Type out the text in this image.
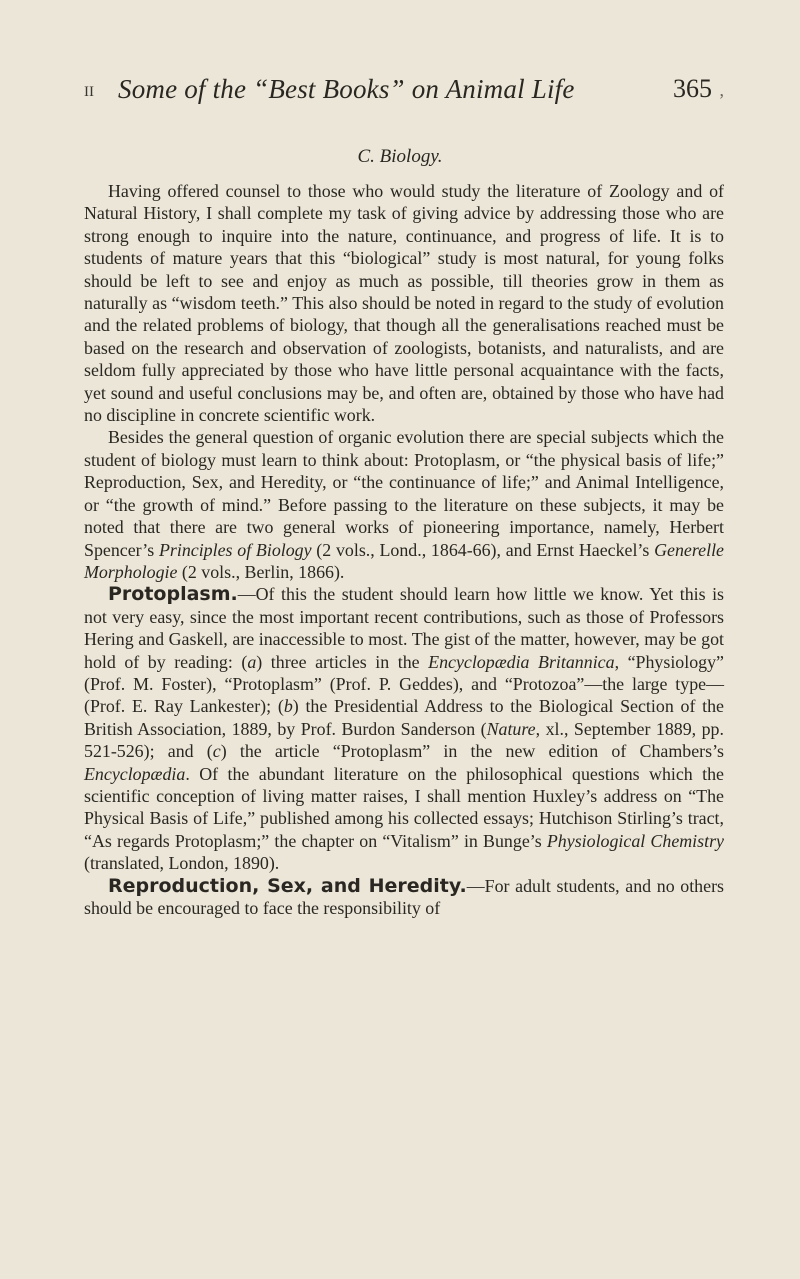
II Some of the “Best Books” on Animal Life	365 ,
C. Biology.

Having offered counsel to those who would study the literature of Zoology and of Natural History, I shall complete my task of giving advice by addressing those who are strong enough to inquire into the nature, continuance, and progress of life. It is to students of mature years that this “biological” study is most natural, for young folks should be left to see and enjoy as much as possible, till theories grow in them as naturally as “wisdom teeth.” This also should be noted in regard to the study of evolution and the related problems of biology, that though all the generalisations reached must be based on the research and observation of zoologists, botanists, and naturalists, and are seldom fully appreciated by those who have little personal acquaintance with the facts, yet sound and useful conclusions may be, and often are, obtained by those who have had no discipline in concrete scientific work.

Besides the general question of organic evolution there are special subjects which the student of biology must learn to think about: Protoplasm, or “the physical basis of life;” Reproduction, Sex, and Heredity, or “the continuance of life;” and Animal Intelligence, or “the growth of mind.” Before passing to the literature on these subjects, it may be noted that there are two general works of pioneering importance, namely, Herbert Spencer’s Principles of Biology (2 vols., Lond., 1864-66), and Ernst Haeckel’s Generelle Morphologie (2 vols., Berlin, 1866).

Protoplasm.—Of this the student should learn how little we know. Yet this is not very easy, since the most important recent contributions, such as those of Professors Hering and Gaskell, are inaccessible to most. The gist of the matter, however, may be got hold of by reading: (a) three articles in the Encyclopædia Britannica, “Physiology” (Prof. M. Foster), “Protoplasm” (Prof. P. Geddes), and “Protozoa”—the large type—(Prof. E. Ray Lankester); (b) the Presidential Address to the Biological Section of the British Association, 1889, by Prof. Burdon Sanderson (Nature, xl., September 1889, pp. 521-526); and (c) the article “Protoplasm” in the new edition of Chambers’s Encyclopædia. Of the abundant literature on the philosophical questions which the scientific conception of living matter raises, I shall mention Huxley’s address on “The Physical Basis of Life,” published among his collected essays; Hutchison Stirling’s tract, “As regards Protoplasm;” the chapter on “Vitalism” in Bunge’s Physiological Chemistry (translated, London, 1890).

Reproduction, Sex, and Heredity.—For adult students, and no others should be encouraged to face the responsibility of
